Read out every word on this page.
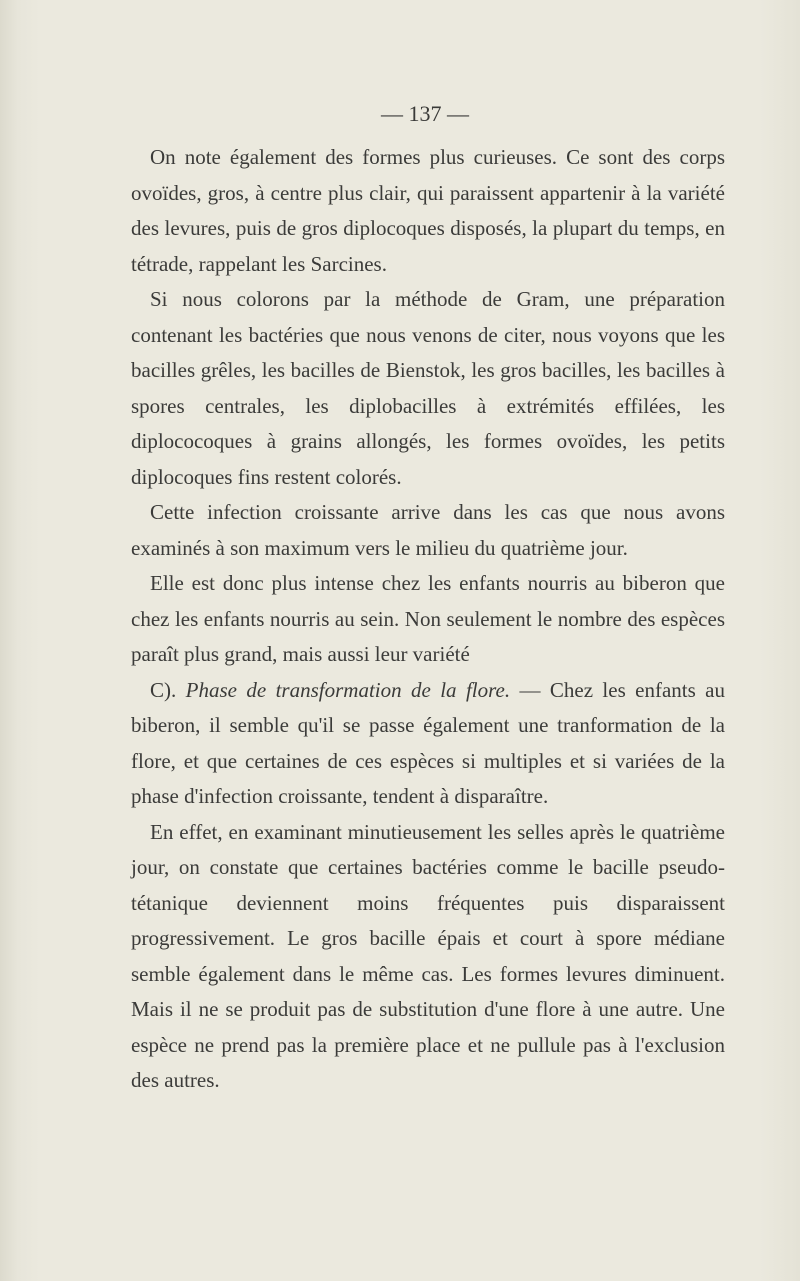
— 137 —

On note également des formes plus curieuses. Ce sont des corps ovoïdes, gros, à centre plus clair, qui paraissent appartenir à la variété des levures, puis de gros diplocoques disposés, la plupart du temps, en tétrade, rappelant les Sarcines.

Si nous colorons par la méthode de Gram, une préparation contenant les bactéries que nous venons de citer, nous voyons que les bacilles grêles, les bacilles de Bienstok, les gros bacilles, les bacilles à spores centrales, les diplobacilles à extrémités effilées, les diplococoques à grains allongés, les formes ovoïdes, les petits diplocoques fins restent colorés.

Cette infection croissante arrive dans les cas que nous avons examinés à son maximum vers le milieu du quatrième jour.

Elle est donc plus intense chez les enfants nourris au biberon que chez les enfants nourris au sein. Non seulement le nombre des espèces paraît plus grand, mais aussi leur variété

C). Phase de transformation de la flore. — Chez les enfants au biberon, il semble qu'il se passe également une tranformation de la flore, et que certaines de ces espèces si multiples et si variées de la phase d'infection croissante, tendent à disparaître.

En effet, en examinant minutieusement les selles après le quatrième jour, on constate que certaines bactéries comme le bacille pseudo-tétanique deviennent moins fréquentes puis disparaissent progressivement. Le gros bacille épais et court à spore médiane semble également dans le même cas. Les formes levures diminuent. Mais il ne se produit pas de substitution d'une flore à une autre. Une espèce ne prend pas la première place et ne pullule pas à l'exclusion des autres.
